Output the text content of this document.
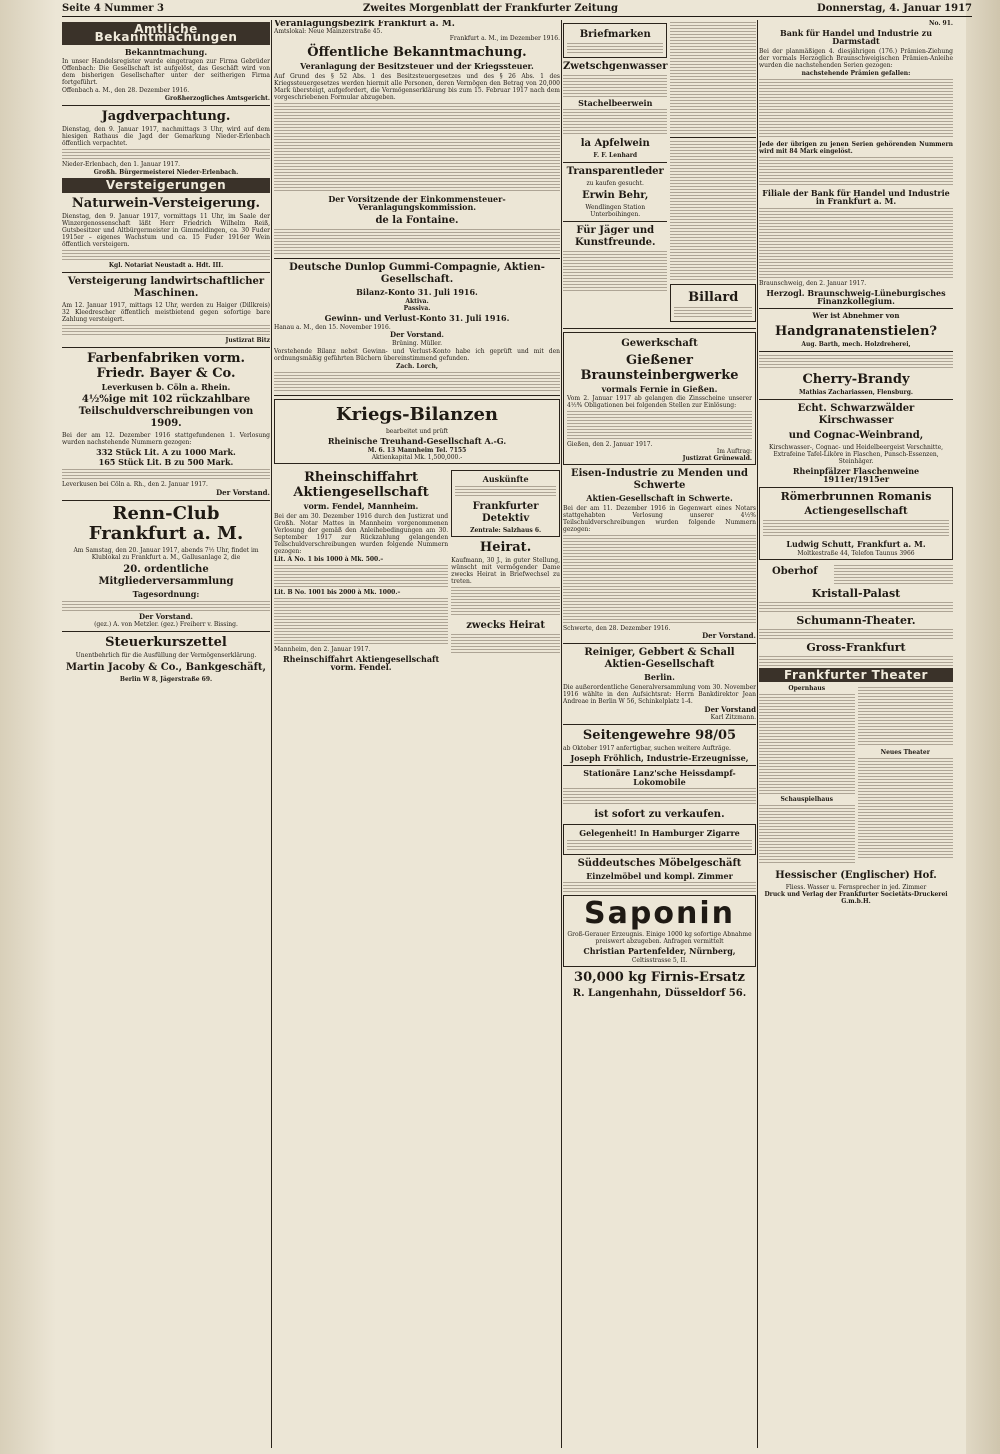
Seite 4 Nummer 3	Zweites Morgenblatt der Frankfurter Zeitung	Donnerstag, 4. Januar 1917
Amtliche Bekanntmachungen
Bekanntmachung.
In unser Handelsregister wurde eingetragen zur Firma Gebrüder Offenbach: Die Gesellschaft ist aufgelöst, das Geschäft wird von dem bisherigen Gesellschafter unter der seitherigen Firma fortgeführt.
Offenbach a. M., den 28. Dezember 1916.
Großherzogliches Amtsgericht.
Jagdverpachtung.
Dienstag, den 9. Januar 1917, nachmittags 3 Uhr, wird auf dem hiesigen Rathaus die Jagd der Gemarkung Nieder-Erlenbach öffentlich verpachtet.
Nieder-Erlenbach, den 1. Januar 1917.
Großh. Bürgermeisterei Nieder-Erlenbach.
Versteigerungen
Naturwein-Versteigerung.
Dienstag, den 9. Januar 1917, vormittags 11 Uhr, im Saale der Winzergenossenschaft läßt Herr Friedrich Wilhelm Reiß, Gutsbesitzer und Altbürgermeister in Gimmeldingen, ca. 30 Fuder 1915er – eigenes Wachstum und ca. 15 Fuder 1916er Wein öffentlich versteigern.
Kgl. Notariat Neustadt a. Hdt. III.
Versteigerung landwirtschaftlicher Maschinen.
Am 12. Januar 1917, mittags 12 Uhr, werden zu Haiger (Dillkreis) 32 Kleedrescher öffentlich meistbietend gegen sofortige bare Zahlung versteigert.
Justizrat Bitz
Farbenfabriken vorm. Friedr. Bayer & Co.
Leverkusen b. Cöln a. Rhein.
4½%ige mit 102 rückzahlbare Teilschuldverschreibungen von 1909.
Bei der am 12. Dezember 1916 stattgefundenen 1. Verlosung wurden nachstehende Nummern gezogen:
332 Stück Lit. A zu 1000 Mark.
165 Stück Lit. B zu 500 Mark.
Leverkusen bei Cöln a. Rh., den 2. Januar 1917.
Der Vorstand.
Renn-Club Frankfurt a. M.
Am Samstag, den 20. Januar 1917, abends 7½ Uhr, findet im Klublokal zu Frankfurt a. M., Gallusanlage 2, die
20. ordentliche Mitgliederversammlung
Tagesordnung:
Der Vorstand.
(gez.) A. von Metzler. (gez.) Freiherr v. Bissing.
Steuerkurszettel
Unentbehrlich für die Ausfüllung der Vermögenserklärung.
Martin Jacoby & Co., Bankgeschäft,
Berlin W 8, Jägerstraße 69.
Veranlagungsbezirk Frankfurt a. M.
Amtslokal: Neue Mainzerstraße 45.
Frankfurt a. M., im Dezember 1916.
Öffentliche Bekanntmachung.
Veranlagung der Besitzsteuer und der Kriegssteuer.
Auf Grund des § 52 Abs. 1 des Besitzsteuergesetzes und des § 26 Abs. 1 des Kriegssteuergesetzes werden hiermit alle Personen, deren Vermögen den Betrag von 20,000 Mark übersteigt, aufgefordert, die Vermögenserklärung bis zum 15. Februar 1917 nach dem vorgeschriebenen Formular abzugeben.
Der Vorsitzende der Einkommensteuer-Veranlagungskommission.
de la Fontaine.
Deutsche Dunlop Gummi-Compagnie, Aktien-Gesellschaft.
Bilanz-Konto 31. Juli 1916.
Aktiva.
Passiva.
Gewinn- und Verlust-Konto 31. Juli 1916.
Hanau a. M., den 15. November 1916.
Der Vorstand.
Brüning. Müller.
Vorstehende Bilanz nebst Gewinn- und Verlust-Konto habe ich geprüft und mit den ordnungsmäßig geführten Büchern übereinstimmend gefunden.
Zach. Lorch,
Kriegs-Bilanzen
bearbeitet und prüft
Rheinische Treuhand-Gesellschaft A.-G.
M. 6. 13 Mannheim Tel. 7155
Aktienkapital Mk. 1,500,000.-
Rheinschiffahrt Aktiengesellschaft
vorm. Fendel, Mannheim.
Bei der am 30. Dezember 1916 durch den Justizrat und Großh. Notar Mattes in Mannheim vorgenommenen Verlosung der gemäß den Anleihebedingungen am 30. September 1917 zur Rückzahlung gelangenden Teilschuldverschreibungen wurden folgende Nummern gezogen:
Lit. A No. 1 bis 1000 à Mk. 500.–
Lit. B No. 1001 bis 2000 à Mk. 1000.–
Mannheim, den 2. Januar 1917.
Rheinschiffahrt Aktiengesellschaft vorm. Fendel.
Auskünfte
Frankfurter Detektiv
Zentrale: Salzhaus 6.
Heirat.
Kaufmann, 30 J., in guter Stellung, wünscht mit vermögender Dame zwecks Heirat in Briefwechsel zu treten.
zwecks Heirat
Briefmarken
Zwetschgenwasser
Stachelbeerwein
la Apfelwein
F. F. Lenhard
Transparentleder
zu kaufen gesucht.
Erwin Behr,
Wendlingen Station Unterboihingen.
Für Jäger und Kunstfreunde.
Billard
Gewerkschaft
Gießener Braunsteinbergwerke
vormals Fernie in Gießen.
Vom 2. Januar 1917 ab gelangen die Zinsscheine unserer 4½% Obligationen bei folgenden Stellen zur Einlösung:
Gießen, den 2. Januar 1917.
Im Auftrag:
Justizrat Grünewald.
Eisen-Industrie zu Menden und Schwerte
Aktien-Gesellschaft in Schwerte.
Bei der am 11. Dezember 1916 in Gegenwart eines Notars stattgehabten Verlosung unserer 4½% Teilschuldverschreibungen wurden folgende Nummern gezogen:
Schwerte, den 28. Dezember 1916.
Der Vorstand.
Reiniger, Gebbert & Schall Aktien-Gesellschaft
Berlin.
Die außerordentliche Generalversammlung vom 30. November 1916 wählte in den Aufsichtsrat: Herrn Bankdirektor Jean Andreae in Berlin W 56, Schinkelplatz 1-4.
Der Vorstand
Karl Zitzmann.
Seitengewehre 98/05
ab Oktober 1917 anfertigbar, suchen weitere Aufträge.
Joseph Fröhlich, Industrie-Erzeugnisse,
Stationäre Lanz'sche Heissdampf-Lokomobile
ist sofort zu verkaufen.
Gelegenheit! In Hamburger Zigarre
Süddeutsches Möbelgeschäft
Einzelmöbel und kompl. Zimmer
Saponin
Groß-Gerauer Erzeugnis. Einige 1000 kg sofortige Abnahme preiswert abzugeben. Anfragen vermittelt
Christian Partenfelder, Nürnberg,
Celtisstrasse 5, II.
30,000 kg Firnis-Ersatz
R. Langenhahn, Düsseldorf 56.
No. 91.
Bank für Handel und Industrie zu Darmstadt
Bei der planmäßigen 4. diesjährigen (176.) Prämien-Ziehung der vormals Herzoglich Braunschweigischen Prämien-Anleihe wurden die nachstehenden Serien gezogen:
nachstehende Prämien gefallen:
Jede der übrigen zu jenen Serien gehörenden Nummern wird mit 84 Mark eingelöst.
Filiale der Bank für Handel und Industrie in Frankfurt a. M.
Braunschweig, den 2. Januar 1917.
Herzogl. Braunschweig-Lüneburgisches Finanzkollegium.
Wer ist Abnehmer von
Handgranatenstielen?
Aug. Barth, mech. Holzdreherei,
Cherry-Brandy
Mathias Zachariassen, Flensburg.
Echt. Schwarzwälder Kirschwasser
und Cognac-Weinbrand,
Kirschwasser-, Cognac- und Heidelbeergeist Verschnitte, Extrafeine Tafel-Liköre in Flaschen, Punsch-Essenzen, Steinhäger.
Rheinpfälzer Flaschenweine 1911er/1915er
Römerbrunnen Romanis
Actiengesellschaft
Ludwig Schutt, Frankfurt a. M.
Moltkestraße 44, Telefon Taunus 3966
Oberhof
Kristall-Palast
Schumann-Theater.
Gross-Frankfurt
Frankfurter Theater
Opernhaus
Schauspielhaus
Neues Theater
Hessischer (Englischer) Hof.
Fliess. Wasser u. Fernsprecher in jed. Zimmer
Druck und Verlag der Frankfurter Societäts-Druckerei G.m.b.H.
